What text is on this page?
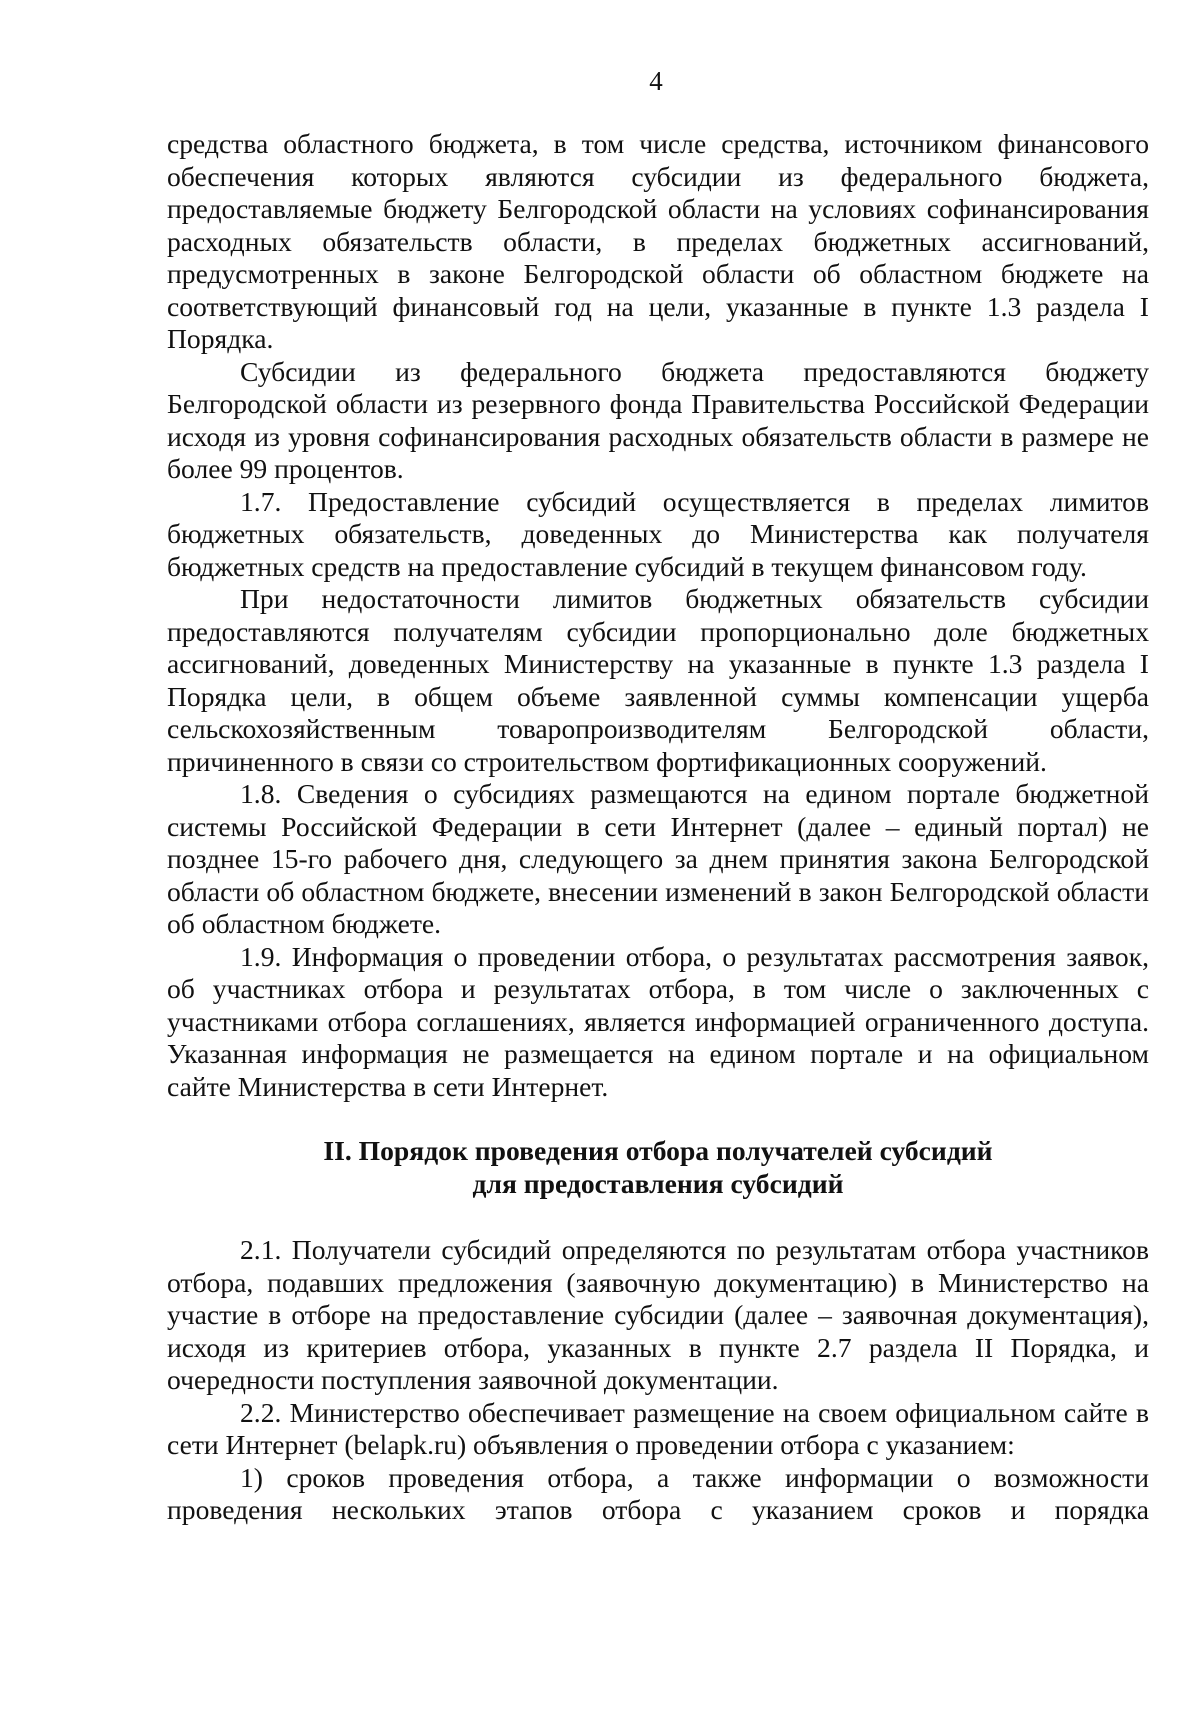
4

средства областного бюджета, в том числе средства, источником финансового обеспечения которых являются субсидии из федерального бюджета, предоставляемые бюджету Белгородской области на условиях софинансирования расходных обязательств области, в пределах бюджетных ассигнований, предусмотренных в законе Белгородской области об областном бюджете на соответствующий финансовый год на цели, указанные в пункте 1.3 раздела I Порядка.

Субсидии из федерального бюджета предоставляются бюджету Белгородской области из резервного фонда Правительства Российской Федерации исходя из уровня софинансирования расходных обязательств области в размере не более 99 процентов.

1.7. Предоставление субсидий осуществляется в пределах лимитов бюджетных обязательств, доведенных до Министерства как получателя бюджетных средств на предоставление субсидий в текущем финансовом году.

При недостаточности лимитов бюджетных обязательств субсидии предоставляются получателям субсидии пропорционально доле бюджетных ассигнований, доведенных Министерству на указанные в пункте 1.3 раздела I Порядка цели, в общем объеме заявленной суммы компенсации ущерба сельскохозяйственным товаропроизводителям Белгородской области, причиненного в связи со строительством фортификационных сооружений.

1.8. Сведения о субсидиях размещаются на едином портале бюджетной системы Российской Федерации в сети Интернет (далее – единый портал) не позднее 15-го рабочего дня, следующего за днем принятия закона Белгородской области об областном бюджете, внесении изменений в закон Белгородской области об областном бюджете.

1.9. Информация о проведении отбора, о результатах рассмотрения заявок, об участниках отбора и результатах отбора, в том числе о заключенных с участниками отбора соглашениях, является информацией ограниченного доступа. Указанная информация не размещается на едином портале и на официальном сайте Министерства в сети Интернет.

II. Порядок проведения отбора получателей субсидий
для предоставления субсидий

2.1. Получатели субсидий определяются по результатам отбора участников отбора, подавших предложения (заявочную документацию) в Министерство на участие в отборе на предоставление субсидии (далее – заявочная документация), исходя из критериев отбора, указанных в пункте 2.7 раздела II Порядка, и очередности поступления заявочной документации.

2.2. Министерство обеспечивает размещение на своем официальном сайте в сети Интернет (belapk.ru) объявления о проведении отбора с указанием:

1) сроков проведения отбора, а также информации о возможности проведения нескольких этапов отбора с указанием сроков и порядка
